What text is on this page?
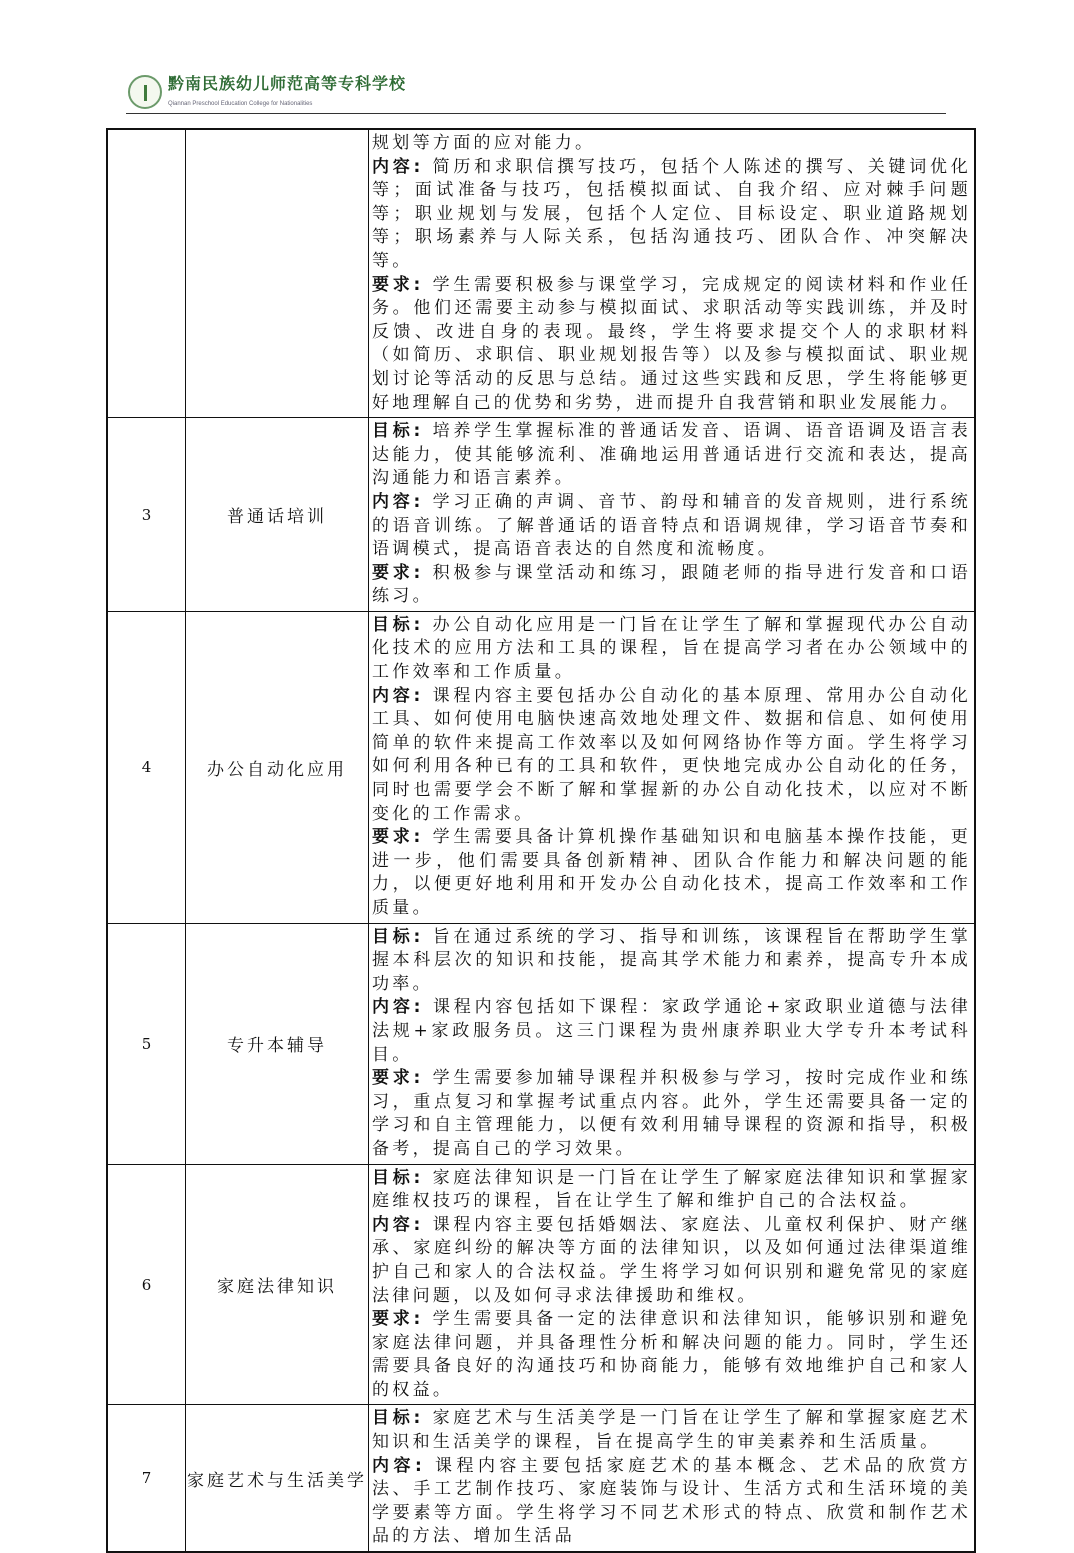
黔南民族幼儿师范高等专科学校
Qiannan Preschool Education College for Nationalities

		规划等方面的应对能力。

内容: 简历和求职信撰写技巧，包括个人陈述的撰写、关键词优化等；面试准备与技巧，包括模拟面试、自我介绍、应对棘手问题等；职业规划与发展，包括个人定位、目标设定、职业道路规划等；职场素养与人际关系，包括沟通技巧、团队合作、冲突解决等。

要求: 学生需要积极参与课堂学习，完成规定的阅读材料和作业任务。他们还需要主动参与模拟面试、求职活动等实践训练，并及时反馈、改进自身的表现。最终，学生将要求提交个人的求职材料（如简历、求职信、职业规划报告等）以及参与模拟面试、职业规划讨论等活动的反思与总结。通过这些实践和反思，学生将能够更好地理解自己的优势和劣势，进而提升自我营销和职业发展能力。

3	普通话培训	目标: 培养学生掌握标准的普通话发音、语调、语音语调及语言表达能力，使其能够流利、准确地运用普通话进行交流和表达，提高沟通能力和语言素养。

内容: 学习正确的声调、音节、韵母和辅音的发音规则，进行系统的语音训练。了解普通话的语音特点和语调规律，学习语音节奏和语调模式，提高语音表达的自然度和流畅度。

要求: 积极参与课堂活动和练习，跟随老师的指导进行发音和口语练习。

4	办公自动化应用	目标: 办公自动化应用是一门旨在让学生了解和掌握现代办公自动化技术的应用方法和工具的课程，旨在提高学习者在办公领域中的工作效率和工作质量。

内容: 课程内容主要包括办公自动化的基本原理、常用办公自动化工具、如何使用电脑快速高效地处理文件、数据和信息、如何使用简单的软件来提高工作效率以及如何网络协作等方面。学生将学习如何利用各种已有的工具和软件，更快地完成办公自动化的任务，同时也需要学会不断了解和掌握新的办公自动化技术，以应对不断变化的工作需求。

要求: 学生需要具备计算机操作基础知识和电脑基本操作技能，更进一步，他们需要具备创新精神、团队合作能力和解决问题的能力，以便更好地利用和开发办公自动化技术，提高工作效率和工作质量。

5	专升本辅导	目标: 旨在通过系统的学习、指导和训练，该课程旨在帮助学生掌握本科层次的知识和技能，提高其学术能力和素养，提高专升本成功率。

内容: 课程内容包括如下课程：家政学通论+家政职业道德与法律法规+家政服务员。这三门课程为贵州康养职业大学专升本考试科目。

要求: 学生需要参加辅导课程并积极参与学习，按时完成作业和练习，重点复习和掌握考试重点内容。此外，学生还需要具备一定的学习和自主管理能力，以便有效利用辅导课程的资源和指导，积极备考，提高自己的学习效果。

6	家庭法律知识	目标: 家庭法律知识是一门旨在让学生了解家庭法律知识和掌握家庭维权技巧的课程，旨在让学生了解和维护自己的合法权益。

内容: 课程内容主要包括婚姻法、家庭法、儿童权利保护、财产继承、家庭纠纷的解决等方面的法律知识，以及如何通过法律渠道维护自己和家人的合法权益。学生将学习如何识别和避免常见的家庭法律问题，以及如何寻求法律援助和维权。

要求: 学生需要具备一定的法律意识和法律知识，能够识别和避免家庭法律问题，并具备理性分析和解决问题的能力。同时，学生还需要具备良好的沟通技巧和协商能力，能够有效地维护自己和家人的权益。

7	家庭艺术与生活美学	目标: 家庭艺术与生活美学是一门旨在让学生了解和掌握家庭艺术知识和生活美学的课程，旨在提高学生的审美素养和生活质量。

内容: 课程内容主要包括家庭艺术的基本概念、艺术品的欣赏方法、手工艺制作技巧、家庭装饰与设计、生活方式和生活环境的美学要素等方面。学生将学习不同艺术形式的特点、欣赏和制作艺术品的方法、增加生活品
